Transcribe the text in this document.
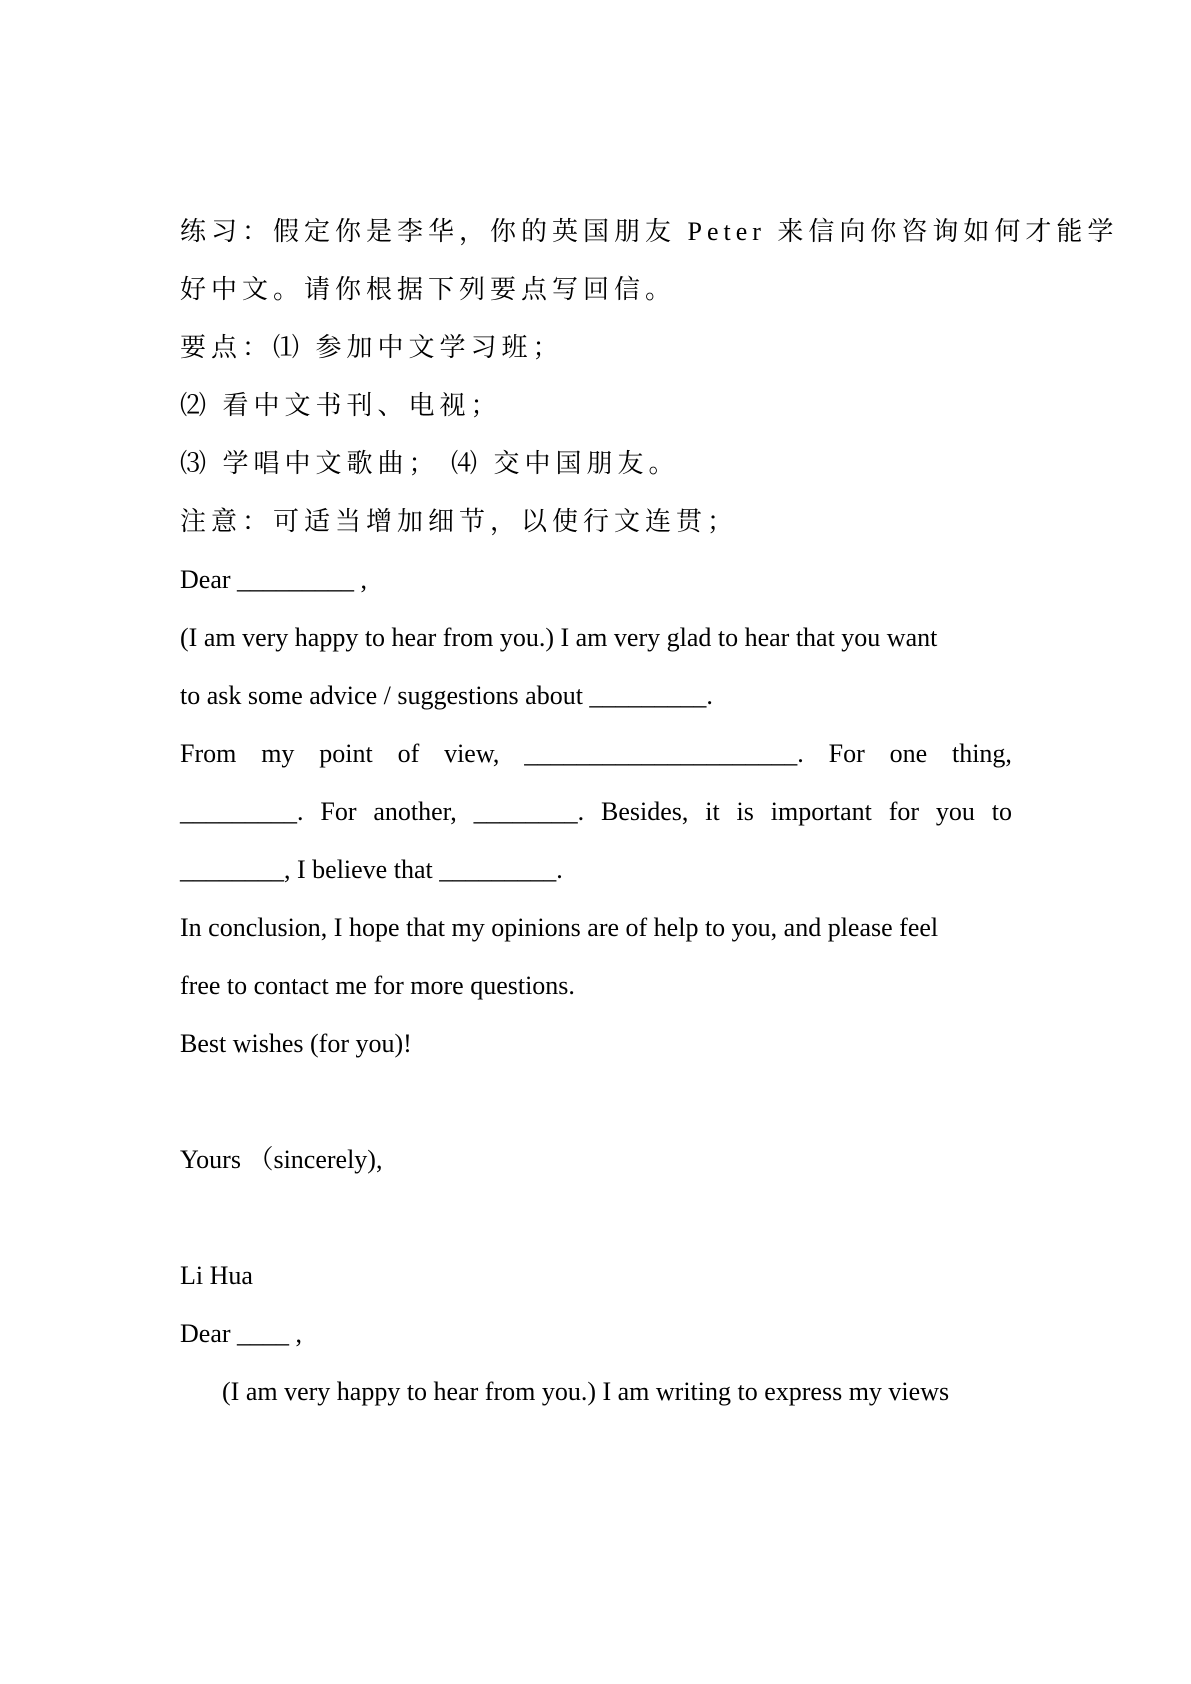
练习：假定你是李华，你的英国朋友 Peter 来信向你咨询如何才能学

好中文。请你根据下列要点写回信。

要点：⑴ 参加中文学习班；

⑵ 看中文书刊、电视；

⑶ 学唱中文歌曲； ⑷ 交中国朋友。

注意：可适当增加细节，以使行文连贯；

Dear _________ ,

(I am very happy to hear from you.) I am very glad to hear that you want

to ask some advice / suggestions about _________.

From my point of view, _____________________. For one thing,

_________. For another, ________. Besides, it is important for you to

________, I believe that _________.

In conclusion, I hope that my opinions are of help to you, and please feel

free to contact me for more questions.

Best wishes (for you)!

Yours （sincerely),

Li Hua

Dear ____ ,

(I am very happy to hear from you.) I am writing to express my views
